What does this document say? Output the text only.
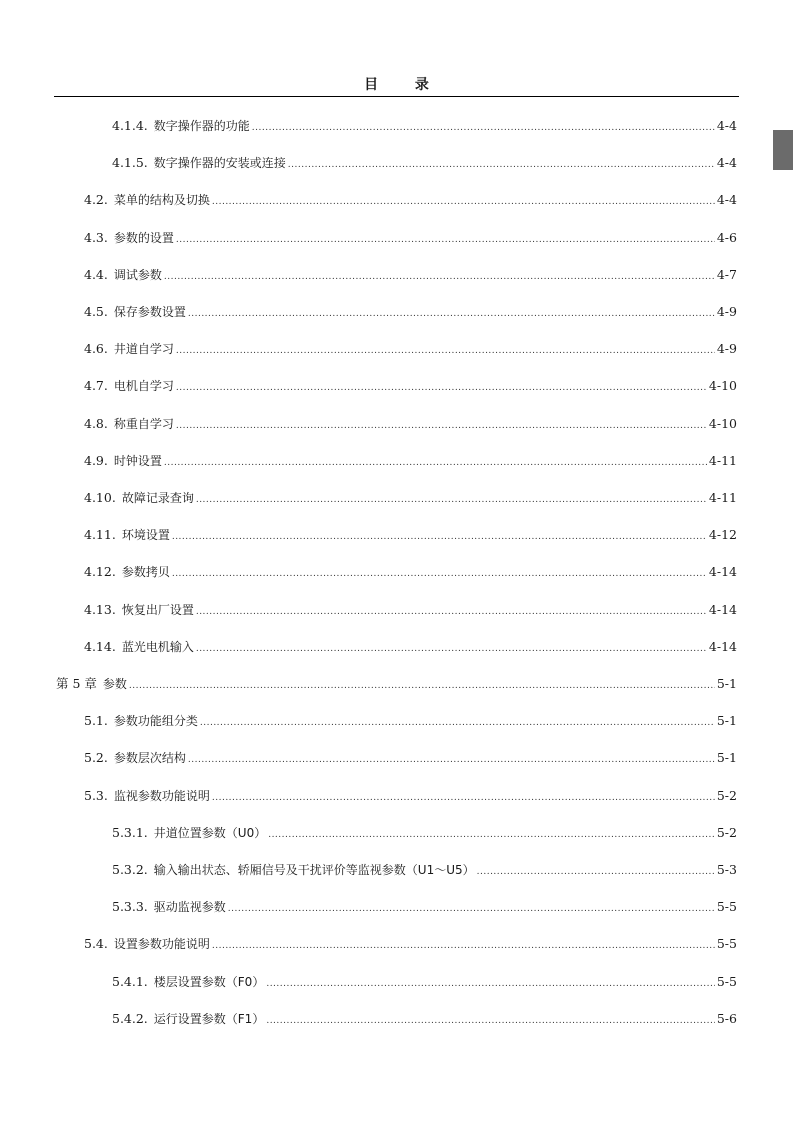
目 录
4.1.4. 数字操作器的功能 .....	4-4
4.1.5. 数字操作器的安装或连接 .....	4-4
4.2. 菜单的结构及切换 .....	4-4
4.3. 参数的设置 .....	4-6
4.4. 调试参数 .....	4-7
4.5. 保存参数设置 .....	4-9
4.6. 井道自学习 .....	4-9
4.7. 电机自学习 .....	4-10
4.8. 称重自学习 .....	4-10
4.9. 时钟设置 .....	4-11
4.10. 故障记录查询 .....	4-11
4.11. 环境设置 .....	4-12
4.12. 参数拷贝 .....	4-14
4.13. 恢复出厂设置 .....	4-14
4.14. 蓝光电机输入 .....	4-14
第 5 章 参数 .....	5-1
5.1. 参数功能组分类 .....	5-1
5.2. 参数层次结构 .....	5-1
5.3. 监视参数功能说明 .....	5-2
5.3.1. 井道位置参数（U0） .....	5-2
5.3.2. 输入输出状态、轿厢信号及干扰评价等监视参数（U1～U5） .....	5-3
5.3.3. 驱动监视参数 .....	5-5
5.4. 设置参数功能说明 .....	5-5
5.4.1. 楼层设置参数（F0） .....	5-5
5.4.2. 运行设置参数（F1） .....	5-6
